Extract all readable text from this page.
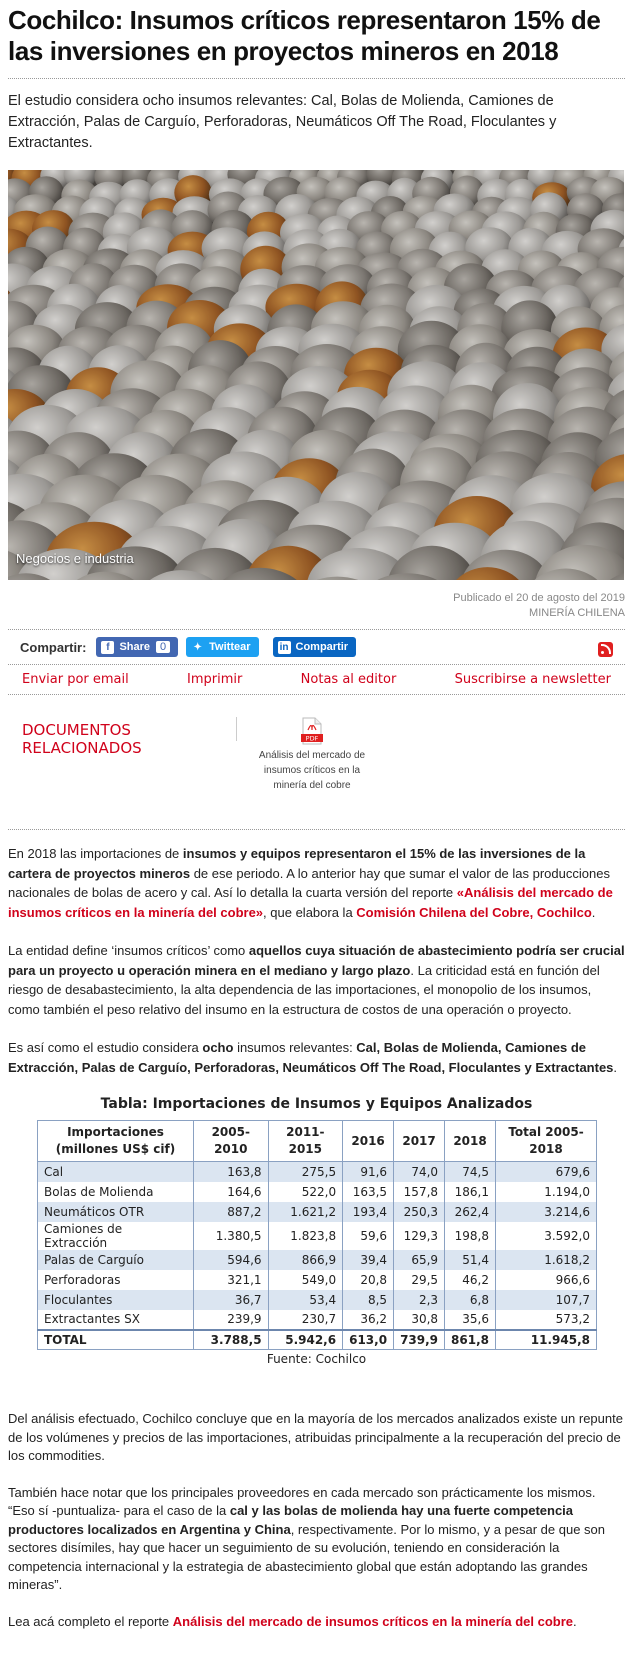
Cochilco: Insumos críticos representaron 15% de las inversiones en proyectos mineros en 2018

El estudio considera ocho insumos relevantes: Cal, Bolas de Molienda, Camiones de Extracción, Palas de Carguío, Perforadoras, Neumáticos Off The Road, Floculantes y Extractantes.

Negocios e industria
Publicado el 20 de agosto del 2019
MINERÍA CHILENA
Compartir:	f Share 0	✦ Twittear	in Compartir
Enviar por email	Imprimir	Notas al editor	Suscribirse a newsletter
DOCUMENTOS RELACIONADOS
PDF
Análisis del mercado de insumos críticos en la minería del cobre

En 2018 las importaciones de insumos y equipos representaron el 15% de las inversiones de la cartera de proyectos mineros de ese periodo. A lo anterior hay que sumar el valor de las producciones nacionales de bolas de acero y cal. Así lo detalla la cuarta versión del reporte «Análisis del mercado de insumos críticos en la minería del cobre», que elabora la Comisión Chilena del Cobre, Cochilco.

La entidad define ‘insumos críticos’ como aquellos cuya situación de abastecimiento podría ser crucial para un proyecto u operación minera en el mediano y largo plazo. La criticidad está en función del riesgo de desabastecimiento, la alta dependencia de las importaciones, el monopolio de los insumos, como también el peso relativo del insumo en la estructura de costos de una operación o proyecto.

Es así como el estudio considera ocho insumos relevantes: Cal, Bolas de Molienda, Camiones de Extracción, Palas de Carguío, Perforadoras, Neumáticos Off The Road, Floculantes y Extractantes.

Tabla: Importaciones de Insumos y Equipos Analizados
Importaciones (millones US$ cif)	2005-2010	2011-2015	2016	2017	2018	Total 2005-2018
Cal	163,8	275,5	91,6	74,0	74,5	679,6
Bolas de Molienda	164,6	522,0	163,5	157,8	186,1	1.194,0
Neumáticos OTR	887,2	1.621,2	193,4	250,3	262,4	3.214,6
Camiones de Extracción	1.380,5	1.823,8	59,6	129,3	198,8	3.592,0
Palas de Carguío	594,6	866,9	39,4	65,9	51,4	1.618,2
Perforadoras	321,1	549,0	20,8	29,5	46,2	966,6
Floculantes	36,7	53,4	8,5	2,3	6,8	107,7
Extractantes SX	239,9	230,7	36,2	30,8	35,6	573,2
TOTAL	3.788,5	5.942,6	613,0	739,9	861,8	11.945,8
Fuente: Cochilco

Del análisis efectuado, Cochilco concluye que en la mayoría de los mercados analizados existe un repunte de los volúmenes y precios de las importaciones, atribuidas principalmente a la recuperación del precio de los commodities.

También hace notar que los principales proveedores en cada mercado son prácticamente los mismos. “Eso sí -puntualiza- para el caso de la cal y las bolas de molienda hay una fuerte competencia productores localizados en Argentina y China, respectivamente. Por lo mismo, y a pesar de que son sectores disímiles, hay que hacer un seguimiento de su evolución, teniendo en consideración la competencia internacional y la estrategia de abastecimiento global que están adoptando las grandes mineras”.

Lea acá completo el reporte Análisis del mercado de insumos críticos en la minería del cobre.
